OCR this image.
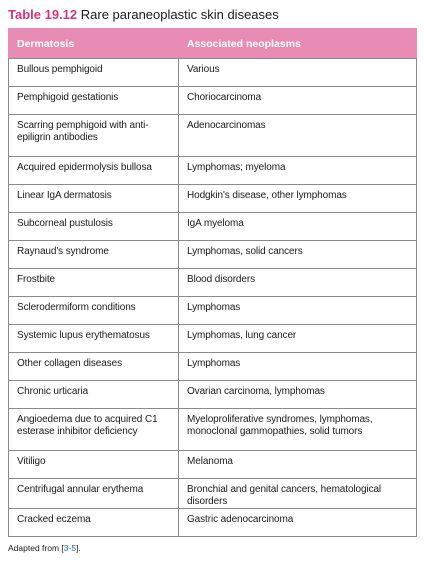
Table 19.12 Rare paraneoplastic skin diseases
Dermatosis	Associated neoplasms
Bullous pemphigoid	Various
Pemphigoid gestationis	Choriocarcinoma
Scarring pemphigoid with anti-
epiligrin antibodies	Adenocarcinomas
Acquired epidermolysis bullosa	Lymphomas; myeloma
Linear IgA dermatosis	Hodgkin's disease, other lymphomas
Subcorneal pustulosis	IgA myeloma
Raynaud's syndrome	Lymphomas, solid cancers
Frostbite	Blood disorders
Sclerodermiform conditions	Lymphomas
Systemic lupus erythematosus	Lymphomas, lung cancer
Other collagen diseases	Lymphomas
Chronic urticaria	Ovarian carcinoma, lymphomas
Angioedema due to acquired C1
esterase inhibitor deficiency	Myeloproliferative syndromes, lymphomas,
monoclonal gammopathies, solid tumors
Vitiligo	Melanoma
Centrifugal annular erythema	Bronchial and genital cancers, hematological disorders
Cracked eczema	Gastric adenocarcinoma
Adapted from [3-5].
